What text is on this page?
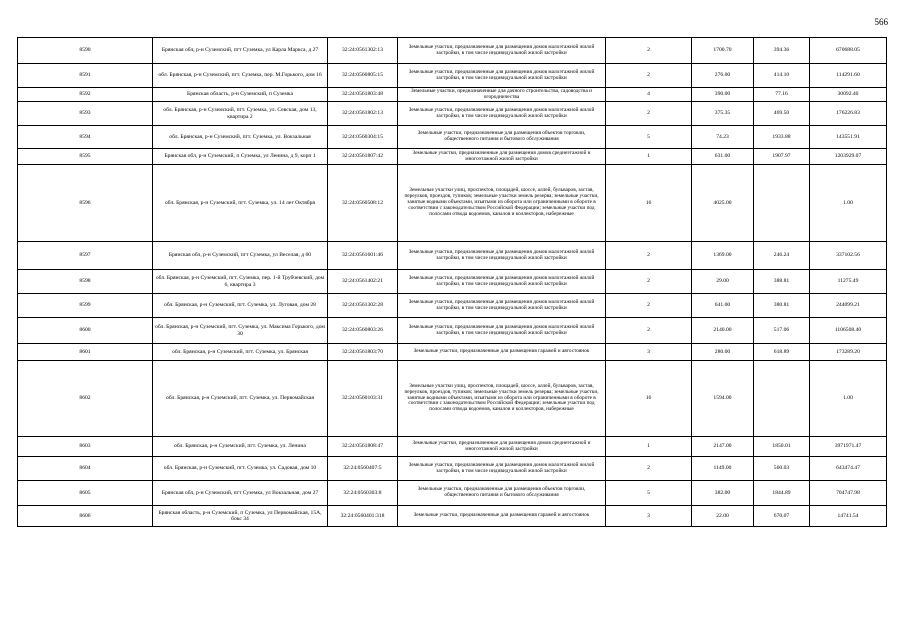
566
8590	Брянская обл, р-н Суземский, пгт Суземка, ул Карла Маркса, д 27	32:24:0561302:13	Земельные участки, предназначенные для размещения домов малоэтажной жилой застройки, в том числе индивидуальной жилой застройки	2	1700.70	394.36	670688.05
8591	обл. Брянская, р-н Суземский, пгт. Суземка, пер. М.Горького, дом 16	32:24:0560805:15	Земельные участки, предназначенные для размещения домов малоэтажной жилой застройки, в том числе индивидуальной жилой застройки	2	276.00	414.10	114291.60
8592	Брянская область, р-н Суземский, п Суземка	32:24:0561803:48	Земельные участки, предназначенные для дачного строительства, садоводства и огородничества	4	390.00	77.16	30092.40
8593	обл. Брянская, р-н Суземский, пгт. Суземка, ул. Севская, дом 13, квартира 2	32:24:0561802:13	Земельные участки, предназначенные для размещения домов малоэтажной жилой застройки, в том числе индивидуальной жилой застройки	2	375.35	469.50	176226.83
8594	обл. Брянская, р-н Суземский, пгт. Суземка, ул. Вокзальная	32:24:0560304:15	Земельные участки, предназначенные для размещения объектов торговли, общественного питания и бытового обслуживания	5	74.23	1933.88	143551.91
8595	Брянская обл, р-н Суземский, п Суземка, ул Ленина, д 9, корп 1	32:24:0561807:42	Земельные участки, предназначенные для размещения домов среднеэтажной и многоэтажной жилой застройки	1	631.00	1907.97	1203929.07
8596	обл. Брянская, р-н Суземский, пгт. Суземка, ул. 14 лет Октября	32:24:0560508:12	Земельные участки улиц, проспектов, площадей, шоссе, аллей, бульваров, застав, переулков, проездов, тупиков; земельные участки земель резерва; земельные участки, занятые водными объектами, изъятыми из оборота или ограниченными в обороте в соответствии с законодательством Российской Федерации; земельные участки под полосами отвода водоемов, каналов и коллекторов, набережные	16	4025.00		1.00
8597	Брянская обл, р-н Суземский, пгт Суземка, ул Веселая, д 60	32:24:0561601:46	Земельные участки, предназначенные для размещения домов малоэтажной жилой застройки, в том числе индивидуальной жилой застройки	2	1369.00	246.24	337102.56
8598	обл. Брянская, р-н Суземский, пгт. Суземка, пер. 1-й Трубчевский, дом 6, квартира 3	32:24:0561402:21	Земельные участки, предназначенные для размещения домов малоэтажной жилой застройки, в том числе индивидуальной жилой застройки	2	29.00	388.81	11275.49
8599	обл. Брянская, р-н Суземский, пгт. Суземка, ул. Луговая, дом 28	32:24:0561302:28	Земельные участки, предназначенные для размещения домов малоэтажной жилой застройки, в том числе индивидуальной жилой застройки	2	641.00	380.81	244099.21
8600	обл. Брянская, р-н Суземский, пгт. Суземка, ул. Максима Горького, дом 30	32:24:0560803:26	Земельные участки, предназначенные для размещения домов малоэтажной жилой застройки, в том числе индивидуальной жилой застройки	2	2140.00	517.06	1106508.40
8601	обл. Брянская, р-н Суземский, пгт. Суземка, ул. Брянская	32:24:0561803:70	Земельные участки, предназначенные для размещения гаражей и автостоянок	3	280.00	618.89	173289.20
8602	обл. Брянская, р-н Суземский, пгт. Суземка, ул. Первомайская	32:24:0560103:31	Земельные участки улиц, проспектов, площадей, шоссе, аллей, бульваров, застав, переулков, проездов, тупиков; земельные участки земель резерва; земельные участки, занятые водными объектами, изъятыми из оборота или ограниченными в обороте в соответствии с законодательством Российской Федерации; земельные участки под полосами отвода водоемов, каналов и коллекторов, набережные	16	1594.00		1.00
8603	обл. Брянская, р-н Суземский, пгт. Суземка, ул. Ленина	32:24:0561808:47	Земельные участки, предназначенные для размещения домов среднеэтажной и многоэтажной жилой застройки	1	2147.00	1850.01	3971971.47
8604	обл. Брянская, р-н Суземский, пгт. Суземка, ул. Садовая, дом 10	32:24:0560407:5	Земельные участки, предназначенные для размещения домов малоэтажной жилой застройки, в том числе индивидуальной жилой застройки	2	1149.00	560.03	643474.47
8605	Брянская обл, р-н Суземский, пгт Суземка, ул Вокзальная, дом 27	32:24:0560303:8	Земельные участки, предназначенные для размещения объектов торговли, общественного питания и бытового обслуживания	5	382.00	1844.89	704747.98
8606	Брянская область, р-н Суземский, п Суземка, ул Первомайская, 15А, бокс 34	32:24:0560401:318	Земельные участки, предназначенные для размещения гаражей и автостоянок	3	22.00	670.07	14741.54
